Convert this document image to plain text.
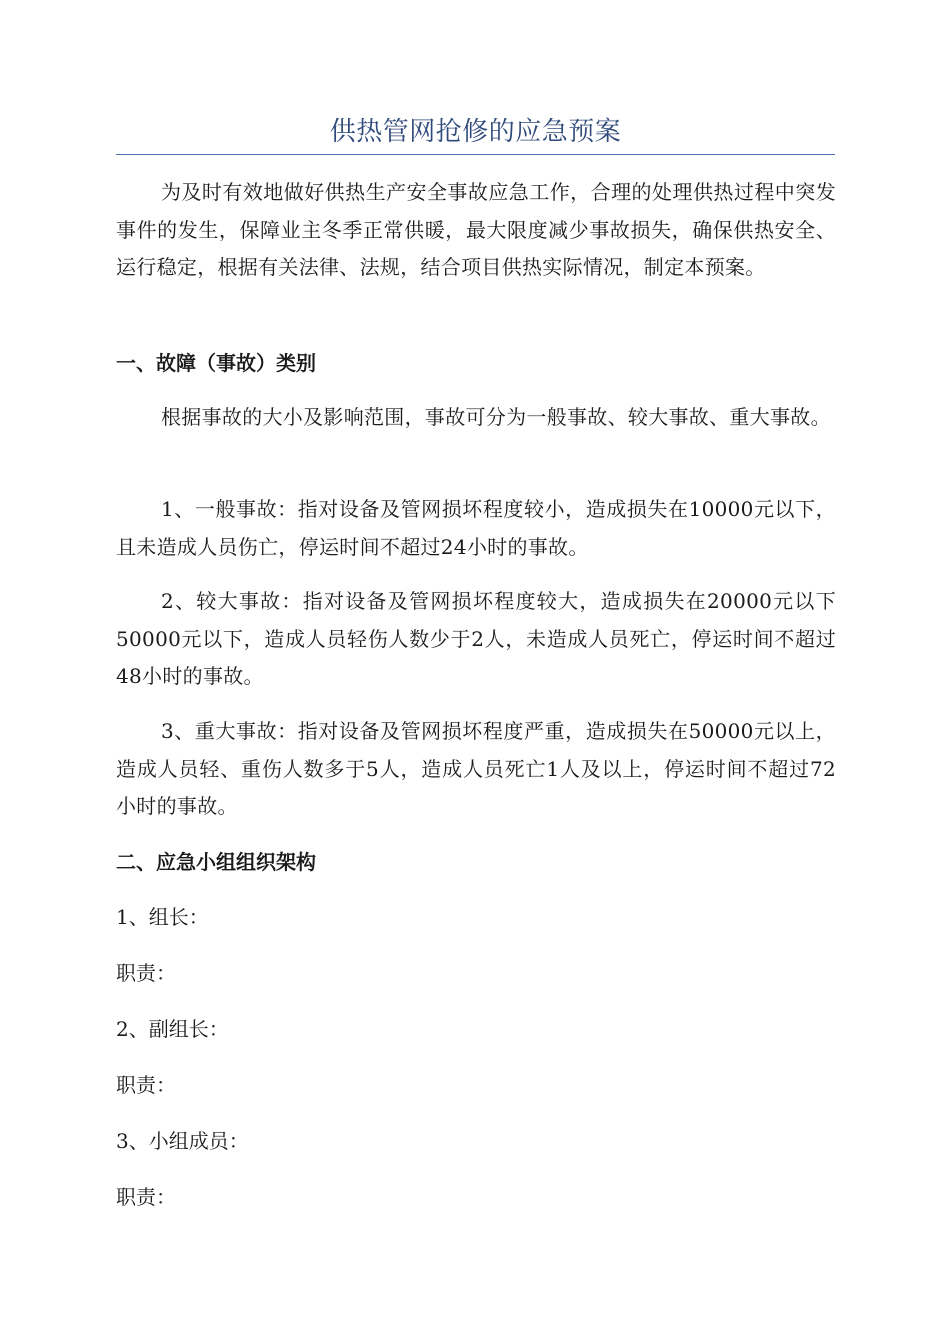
供热管网抢修的应急预案
为及时有效地做好供热生产安全事故应急工作，合理的处理供热过程中突发事件的发生，保障业主冬季正常供暖，最大限度减少事故损失，确保供热安全、运行稳定，根据有关法律、法规，结合项目供热实际情况，制定本预案。
一、故障（事故）类别
根据事故的大小及影响范围，事故可分为一般事故、较大事故、重大事故。
1、一般事故：指对设备及管网损坏程度较小，造成损失在10000元以下，且未造成人员伤亡，停运时间不超过24小时的事故。
2、较大事故：指对设备及管网损坏程度较大，造成损失在20000元以下50000元以下，造成人员轻伤人数少于2人，未造成人员死亡，停运时间不超过48小时的事故。
3、重大事故：指对设备及管网损坏程度严重，造成损失在50000元以上，造成人员轻、重伤人数多于5人，造成人员死亡1人及以上，停运时间不超过72小时的事故。
二、应急小组组织架构
1、组长：
职责：
2、副组长：
职责：
3、小组成员：
职责：
